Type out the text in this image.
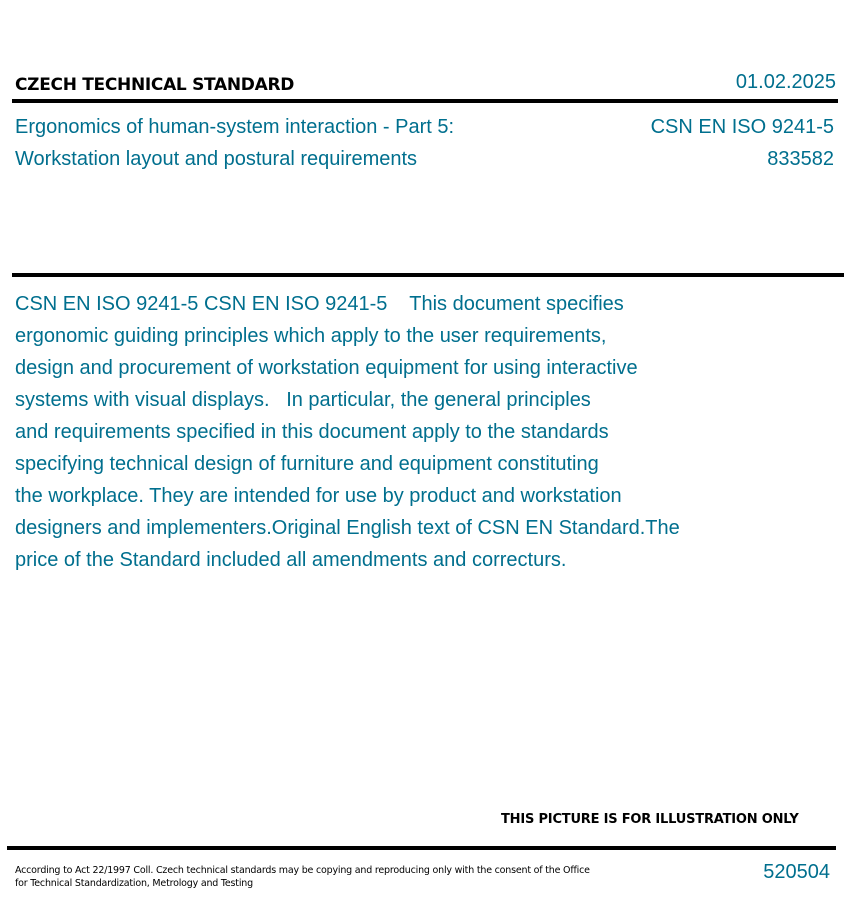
CZECH TECHNICAL STANDARD	01.02.2025
Ergonomics of human-system interaction - Part 5:
Workstation layout and postural requirements
CSN EN ISO 9241-5
833582
CSN EN ISO 9241-5 CSN EN ISO 9241-5    This document specifies
ergonomic guiding principles which apply to the user requirements,
design and procurement of workstation equipment for using interactive
systems with visual displays.   In particular, the general principles
and requirements specified in this document apply to the standards
specifying technical design of furniture and equipment constituting
the workplace. They are intended for use by product and workstation
designers and implementers.Original English text of CSN EN Standard.The
price of the Standard included all amendments and correcturs.
THIS PICTURE IS FOR ILLUSTRATION ONLY
According to Act 22/1997 Coll. Czech technical standards may be copying and reproducing only with the consent of the Office
for Technical Standardization, Metrology and Testing
520504
